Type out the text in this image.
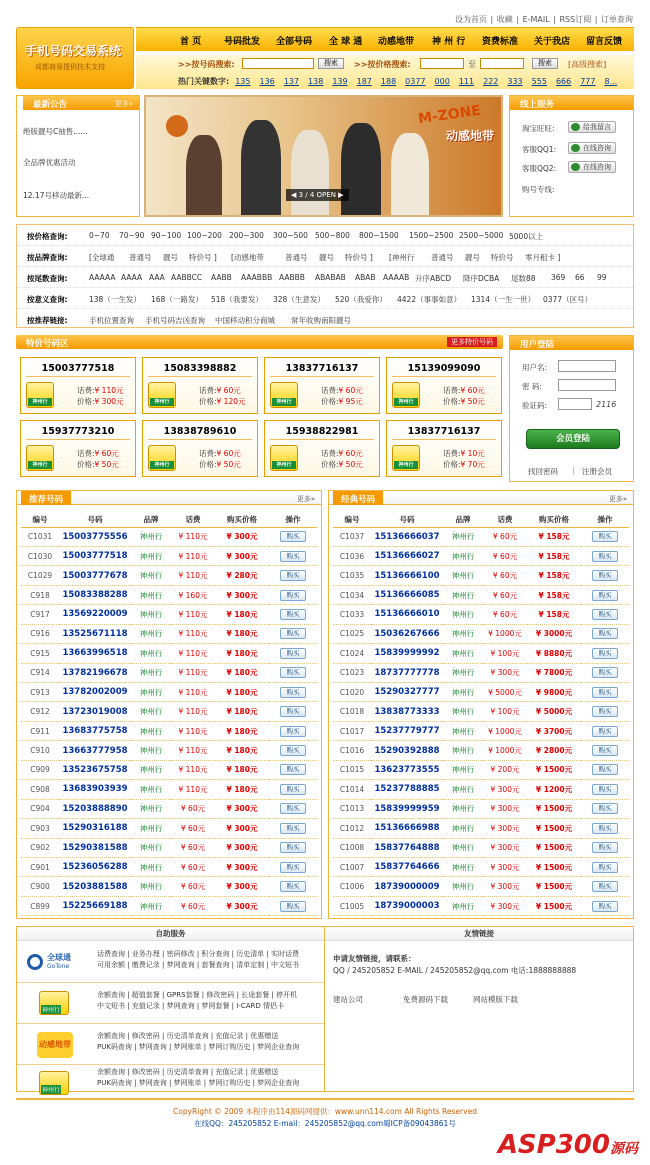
设为首页 | 收藏 | E-MAIL | RSS订阅 | 订单查询
手机号码交易系统
成都商易提供技术支持
首 页	号码批发 全部号码 全 球 通 动感地带 神 州 行 资费标准 关于我店 留言反馈
>>按号码搜索:	搜索	>>按价格搜索:	至	搜索	[高级搜索]
热门关键数字: 135 136 137 138 139 187 188 0377 000 111 222 333 555 666 777 8...
最新公告	更多»
绝版靓号C抽售......
全品牌优惠活动
12.17号移动最新...
M-ZONE
动感地带
◀ 3 / 4 OPEN ▶
线上服务
淘宝旺旺:	给我留言
客服QQ1:	在线咨询
客服QQ2:	在线咨询
购号专线:
按价格查询:	0~70 70~90 90~100 100~200 200~300 300~500 500~800 800~1500 1500~2500 2500~5000 5000以上
按品牌查询:	[全球通 普通号 靓号 特价号 ] [动感地带	普通号 靓号 特价号 ] [神州行 普通号 靓号 特价号 零月租卡 ]
按尾数查询:	AAAAA AAAA AAA AABBCC AABB AAABBB AABBB ABABAB ABAB AAAAB 升序ABCD 降序DCBA 尾数88 369 66 99
按意义查询:	138（一生发） 168（一路发） 518（我要发） 328（生意发） 520（我爱你） 4422（事事如意） 1314（一生一世） 0377（区号）
按推荐链接:	手机位置查询 手机号码吉凶查询 中国移动积分商城 常年收购南阳靓号
特价号码区	更多特价号码
15003777518
神州行
话费:¥ 110元
价格:¥ 300元
15083398882
神州行
话费:¥ 60元
价格:¥ 120元
13837716137
神州行
话费:¥ 60元
价格:¥ 95元
15139099090
神州行
话费:¥ 60元
价格:¥ 50元
15937773210
神州行
话费:¥ 60元
价格:¥ 50元
13838789610
神州行
话费:¥ 60元
价格:¥ 50元
15938822981
神州行
话费:¥ 60元
价格:¥ 50元
13837716137
神州行
话费:¥ 10元
价格:¥ 70元
用户登陆
用户名:
密 码:
验证码:	2116
会员登陆
找回密码 | 注册会员
推荐号码	更多»
编号	号码	品牌	话费	购买价格	操作
C1031	15003775556	神州行	¥ 110元	¥ 300元	购买
C1030	15003777518	神州行	¥ 110元	¥ 300元	购买
C1029	15003777678	神州行	¥ 110元	¥ 280元	购买
C918	15083388288	神州行	¥ 160元	¥ 300元	购买
C917	13569220009	神州行	¥ 110元	¥ 180元	购买
C916	13525671118	神州行	¥ 110元	¥ 180元	购买
C915	13663996518	神州行	¥ 110元	¥ 180元	购买
C914	13782196678	神州行	¥ 110元	¥ 180元	购买
C913	13782002009	神州行	¥ 110元	¥ 180元	购买
C912	13723019008	神州行	¥ 110元	¥ 180元	购买
C911	13683775758	神州行	¥ 110元	¥ 180元	购买
C910	13663777958	神州行	¥ 110元	¥ 180元	购买
C909	13523675758	神州行	¥ 110元	¥ 180元	购买
C908	13683903939	神州行	¥ 110元	¥ 180元	购买
C904	15203888890	神州行	¥ 60元	¥ 300元	购买
C903	15290316188	神州行	¥ 60元	¥ 300元	购买
C902	15290381588	神州行	¥ 60元	¥ 300元	购买
C901	15236056288	神州行	¥ 60元	¥ 300元	购买
C900	15203881588	神州行	¥ 60元	¥ 300元	购买
C899	15225669188	神州行	¥ 60元	¥ 300元	购买
经典号码	更多»
编号	号码	品牌	话费	购买价格	操作
C1037	15136666037	神州行	¥ 60元	¥ 158元	购买
C1036	15136666027	神州行	¥ 60元	¥ 158元	购买
C1035	15136666100	神州行	¥ 60元	¥ 158元	购买
C1034	15136666085	神州行	¥ 60元	¥ 158元	购买
C1033	15136666010	神州行	¥ 60元	¥ 158元	购买
C1025	15036267666	神州行	¥ 1000元	¥ 3000元	购买
C1024	15839999992	神州行	¥ 100元	¥ 8880元	购买
C1023	18737777778	神州行	¥ 300元	¥ 7800元	购买
C1020	15290327777	神州行	¥ 5000元	¥ 9800元	购买
C1018	13838773333	神州行	¥ 100元	¥ 5000元	购买
C1017	15237779777	神州行	¥ 1000元	¥ 3700元	购买
C1016	15290392888	神州行	¥ 1000元	¥ 2800元	购买
C1015	13623773555	神州行	¥ 200元	¥ 1500元	购买
C1014	15237788885	神州行	¥ 300元	¥ 1200元	购买
C1013	15839999959	神州行	¥ 300元	¥ 1500元	购买
C1012	15136666988	神州行	¥ 300元	¥ 1500元	购买
C1008	15837764888	神州行	¥ 300元	¥ 1500元	购买
C1007	15837764666	神州行	¥ 300元	¥ 1500元	购买
C1006	18739000009	神州行	¥ 300元	¥ 1500元	购买
C1005	18739000003	神州行	¥ 300元	¥ 1500元	购买
自助服务
全球通
GoTone
话费查询 | 业务办理 | 密码修改 | 积分查询 | 历史清单 | 实时话费
可用余额 | 缴费记录 | 梦网查询 | 套餐查询 | 清单定制 | 中文短书
神州行
余额查询 | 超值套餐 | GPRS套餐 | 修改密码 | 长途套餐 | 停开机
中文短书 | 充值记录 | 梦网查询 | 梦网套餐 | I-CARD 情侣卡
动感地带
余额查询 | 修改密码 | 历史清单查询 | 充值记录 | 优惠赠送
PUK码查询 | 梦网查询 | 梦网账单 | 梦网订购历史 | 梦网企业查询
神州行
余额查询 | 修改密码 | 历史清单查询 | 充值记录 | 优惠赠送
PUK码查询 | 梦网查询 | 梦网账单 | 梦网订购历史 | 梦网企业查询
友情链接
申请友情链接，请联系：
QQ / 245205852 E-MAIL / 245205852@qq.com 电话:1888888888
建站公司	免费源码下载	网站模版下载
CopyRight © 2009 本程序由114源码网提供：www.unn114.com All Rights Reserved
在线QQ：245205852 E-mail：245205852@qq.com蜀ICP备09043861号
ASP300源码
